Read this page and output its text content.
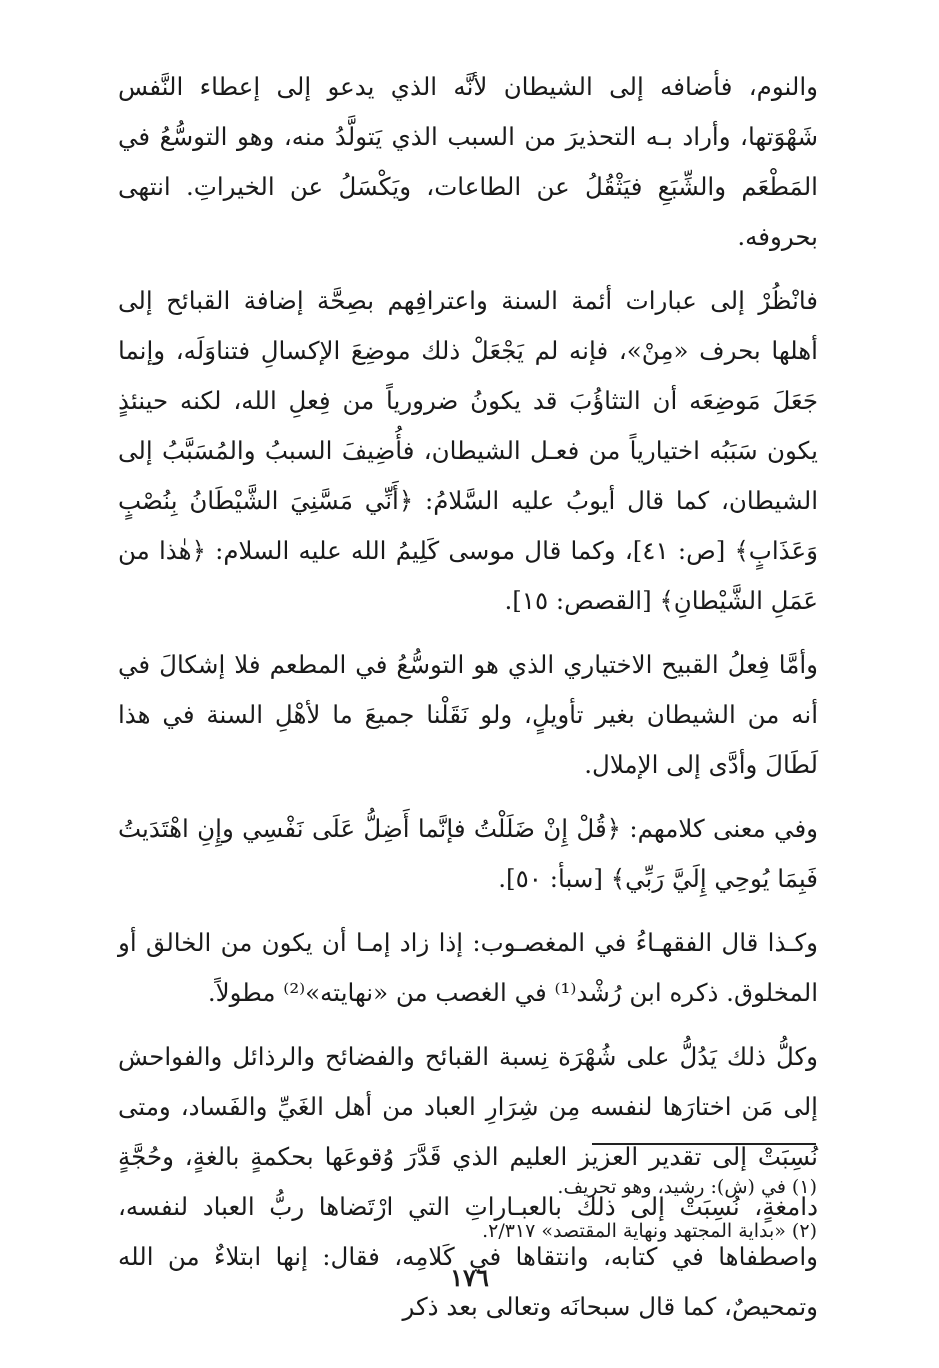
والنوم، فأضافه إلى الشيطان لأنَّه الذي يدعو إلى إعطاء النَّفس شَهْوَتها، وأراد بـه التحذيرَ من السبب الذي يَتولَّدُ منه، وهو التوسُّعُ في المَطْعَم والشِّبَعِ فيَثْقُلُ عن الطاعات، ويَكْسَلُ عن الخيراتِ. انتهى بحروفه.

فانْظُرْ إلى عبارات أئمة السنة واعترافِهم بصِحَّة إضافة القبائح إلى أهلها بحرف «مِنْ»، فإنه لم يَجْعَلْ ذلك موضِعَ الإكسالِ فتناوَلَه، وإنما جَعَلَ مَوضِعَه أن التثاؤُبَ قد يكونُ ضرورياً من فِعلِ الله، لكنه حينئذٍ يكون سَبَبُه اختيارياً من فعـل الشيطان، فأُضِيفَ السببُ والمُسَبَّبُ إلى الشيطان، كما قال أيوبُ عليه السَّلامُ: ﴿أَنِّي مَسَّنِيَ الشَّيْطَانُ بِنُصْبٍ وَعَذَابٍ﴾ [ص: ٤١]، وكما قال موسى كَلِيمُ الله عليه السلام: ﴿هٰذا من عَمَلِ الشَّيْطانِ﴾ [القصص: ١٥].

وأمَّا فِعلُ القبيح الاختياري الذي هو التوسُّعُ في المطعم فلا إشكالَ في أنه من الشيطان بغير تأويلٍ، ولو نَقَلْنا جميعَ ما لأهْلِ السنة في هذا لَطَالَ وأدَّى إلى الإملال.

وفي معنى كلامهم: ﴿قُلْ إِنْ ضَلَلْتُ فإنَّما أَضِلُّ عَلَى نَفْسِي وإِنِ اهْتَدَيتُ فَبِمَا يُوحِي إِلَيَّ رَبِّي﴾ [سبأ: ٥٠].

وكـذا قال الفقهـاءُ في المغصـوب: إذا زاد إمـا أن يكون من الخالق أو المخلوق. ذكره ابن رُشْد⁽¹⁾ في الغصب من «نهايته»⁽²⁾ مطولاً.

وكلُّ ذلك يَدُلُّ على شُهْرَة نِسبة القبائح والفضائح والرذائل والفواحش إلى مَن اختارَها لنفسه مِن شِرَارِ العباد من أهل الغَيِّ والفَساد، ومتى نُسِبَتْ إلى تقدير العزيز العليم الذي قَدَّرَ وُقوعَها بحكمةٍ بالغةٍ، وحُجَّةٍ دامغةٍ، نُسِبَتْ إلى ذلك بالعبـاراتِ التي ارْتَضاها ربُّ العباد لنفسه، واصطفاها في كتابه، وانتقاها في كَلامِه، فقال: إنها ابتلاءٌ من الله وتمحيصٌ، كما قال سبحانَه وتعالى بعد ذكر

(١) في (ش): رشيد، وهو تحريف.

(٢) «بداية المجتهد ونهاية المقتصد» ٢/٣١٧.

١٧٦
